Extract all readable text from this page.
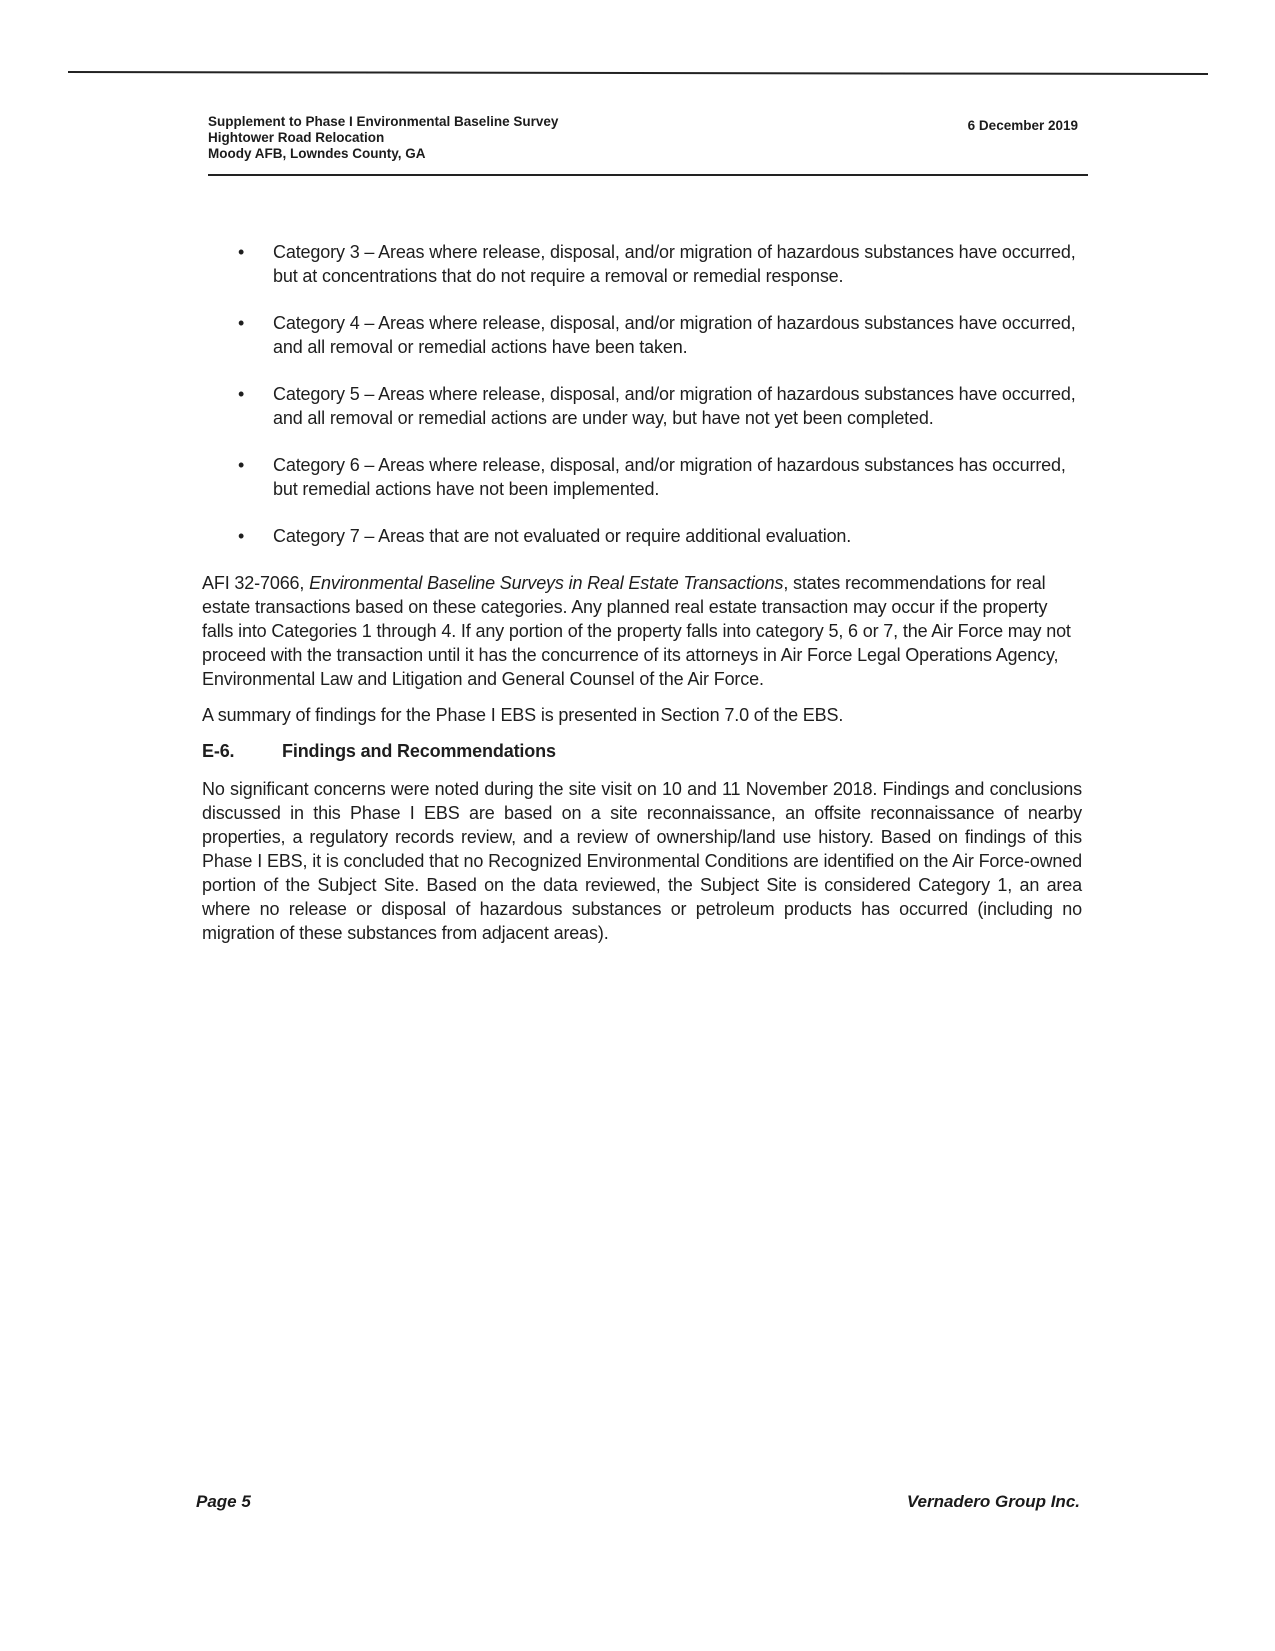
Supplement to Phase I Environmental Baseline Survey
Hightower Road Relocation
Moody AFB, Lowndes County, GA
6 December 2019
• Category 3 – Areas where release, disposal, and/or migration of hazardous substances have occurred, but at concentrations that do not require a removal or remedial response.
• Category 4 – Areas where release, disposal, and/or migration of hazardous substances have occurred, and all removal or remedial actions have been taken.
• Category 5 – Areas where release, disposal, and/or migration of hazardous substances have occurred, and all removal or remedial actions are under way, but have not yet been completed.
• Category 6 – Areas where release, disposal, and/or migration of hazardous substances has occurred, but remedial actions have not been implemented.
• Category 7 – Areas that are not evaluated or require additional evaluation.

AFI 32-7066, Environmental Baseline Surveys in Real Estate Transactions, states recommendations for real estate transactions based on these categories. Any planned real estate transaction may occur if the property falls into Categories 1 through 4. If any portion of the property falls into category 5, 6 or 7, the Air Force may not proceed with the transaction until it has the concurrence of its attorneys in Air Force Legal Operations Agency, Environmental Law and Litigation and General Counsel of the Air Force.

A summary of findings for the Phase I EBS is presented in Section 7.0 of the EBS.

E-6.	Findings and Recommendations

No significant concerns were noted during the site visit on 10 and 11 November 2018. Findings and conclusions discussed in this Phase I EBS are based on a site reconnaissance, an offsite reconnaissance of nearby properties, a regulatory records review, and a review of ownership/land use history. Based on findings of this Phase I EBS, it is concluded that no Recognized Environmental Conditions are identified on the Air Force-owned portion of the Subject Site. Based on the data reviewed, the Subject Site is considered Category 1, an area where no release or disposal of hazardous substances or petroleum products has occurred (including no migration of these substances from adjacent areas).

Page 5	Vernadero Group Inc.
